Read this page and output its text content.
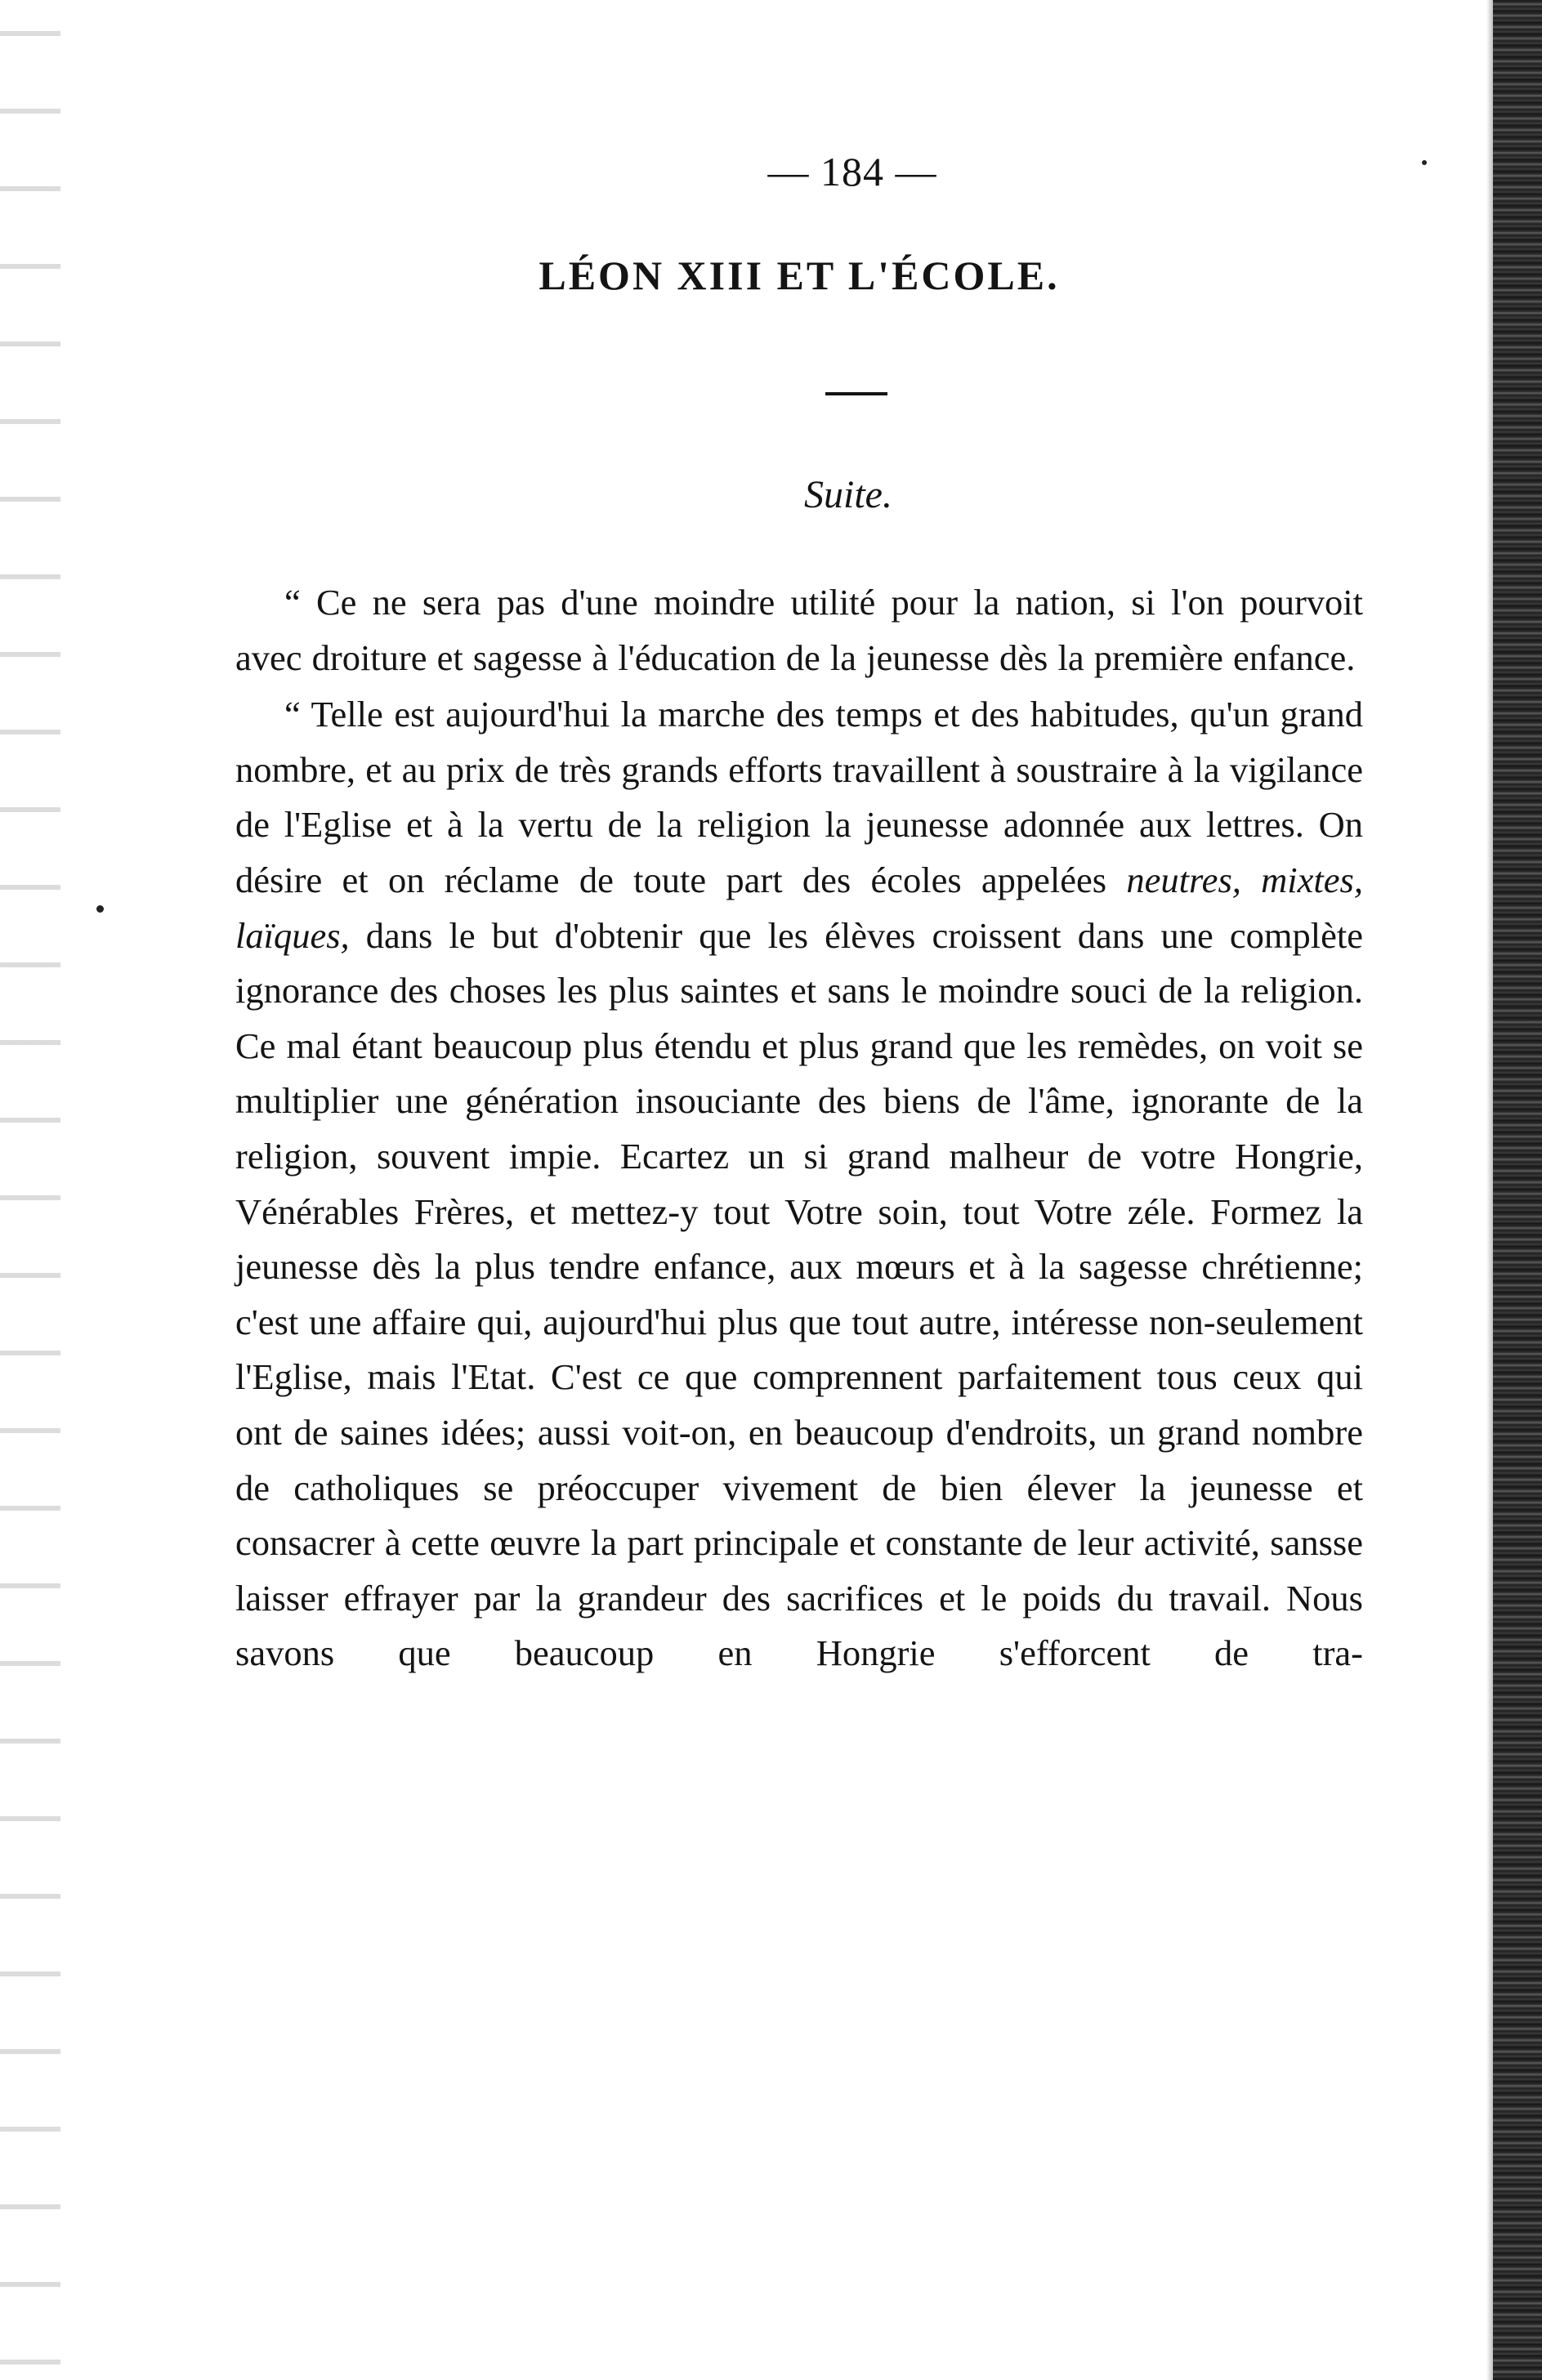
— 184 —

LÉON XIII ET L'ÉCOLE.

Suite.

“ Ce ne sera pas d'une moindre utilité pour la nation, si l'on pourvoit avec droiture et sagesse à l'éducation de la jeunesse dès la première enfance.

“ Telle est aujourd'hui la marche des temps et des habitudes, qu'un grand nombre, et au prix de très grands efforts travaillent à soustraire à la vigilance de l'Eglise et à la vertu de la religion la jeunesse adonnée aux lettres. On désire et on réclame de toute part des écoles appelées neutres, mixtes, laïques, dans le but d'obtenir que les élèves croissent dans une complète ignorance des choses les plus saintes et sans le moindre souci de la religion. Ce mal étant beaucoup plus étendu et plus grand que les remèdes, on voit se multiplier une génération insouciante des biens de l'âme, ignorante de la religion, souvent impie. Ecartez un si grand malheur de votre Hongrie, Vénérables Frères, et mettez-y tout Votre soin, tout Votre zéle. Formez la jeunesse dès la plus tendre enfance, aux mœurs et à la sagesse chrétienne; c'est une affaire qui, aujourd'hui plus que tout autre, intéresse non-seulement l'Eglise, mais l'Etat. C'est ce que comprennent parfaitement tous ceux qui ont de saines idées; aussi voit-on, en beaucoup d'endroits, un grand nombre de catholiques se préoccuper vivement de bien élever la jeunesse et consacrer à cette œuvre la part principale et constante de leur activité, sansse laisser effrayer par la grandeur des sacrifices et le poids du travail. Nous savons que beaucoup en Hongrie s'efforcent de tra-
